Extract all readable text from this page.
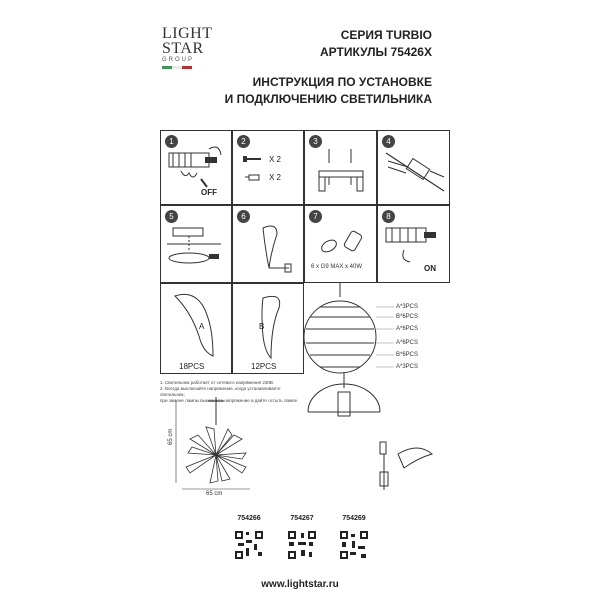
LIGHT
STAR
GROUP
СЕРИЯ TURBIO
АРТИКУЛЫ 75426X
ИНСТРУКЦИЯ ПО УСТАНОВКЕ
И ПОДКЛЮЧЕНИЮ СВЕТИЛЬНИКА
1
OFF
2
X 2
X 2
3	4
5	6	7
6 x G9 MAX x 40W
8
ON
A
18PCS
B
12PCS
A*3PCS
B*6PCS
A*6PCS
A*6PCS
B*6PCS
A*3PCS
1. Светильник работает от сетевого напряжения 230В.
2. Всегда выключайте напряжение, когда устанавливаете светильник;
при замене лампы выключите напряжение и дайте остыть лампе.
65 cm
65 cm
754266	754267	754269
www.lightstar.ru
